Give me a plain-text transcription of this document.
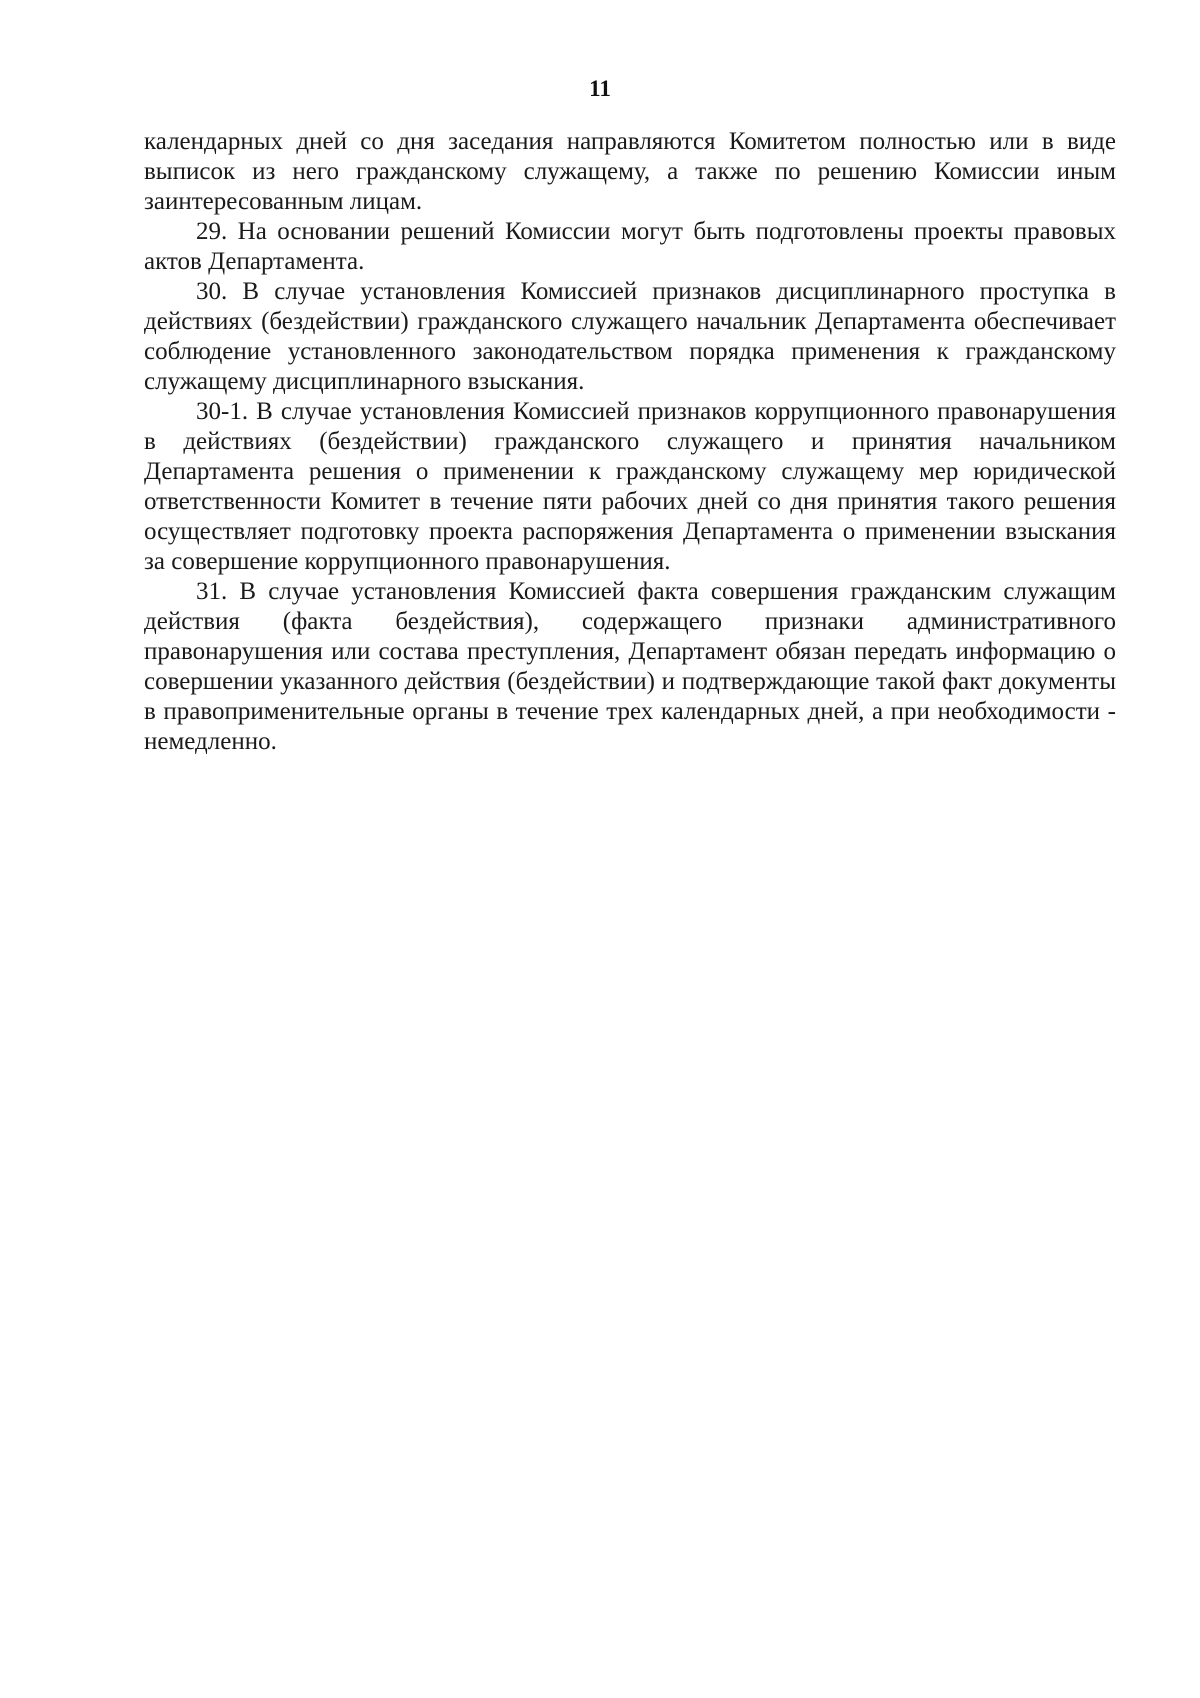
11

календарных дней со дня заседания направляются Комитетом полностью или в виде выписок из него гражданскому служащему, а также по решению Комиссии иным заинтересованным лицам.

29. На основании решений Комиссии могут быть подготовлены проекты правовых актов Департамента.

30. В случае установления Комиссией признаков дисциплинарного проступка в действиях (бездействии) гражданского служащего начальник Департамента обеспечивает соблюдение установленного законодательством порядка применения к гражданскому служащему дисциплинарного взыскания.

30-1. В случае установления Комиссией признаков коррупционного правонарушения в действиях (бездействии) гражданского служащего и принятия начальником Департамента решения о применении к гражданскому служащему мер юридической ответственности Комитет в течение пяти рабочих дней со дня принятия такого решения осуществляет подготовку проекта распоряжения Департамента о применении взыскания за совершение коррупционного правонарушения.

31. В случае установления Комиссией факта совершения гражданским служащим действия (факта бездействия), содержащего признаки административного правонарушения или состава преступления, Департамент обязан передать информацию о совершении указанного действия (бездействии) и подтверждающие такой факт документы в правоприменительные органы в течение трех календарных дней, а при необходимости - немедленно.
